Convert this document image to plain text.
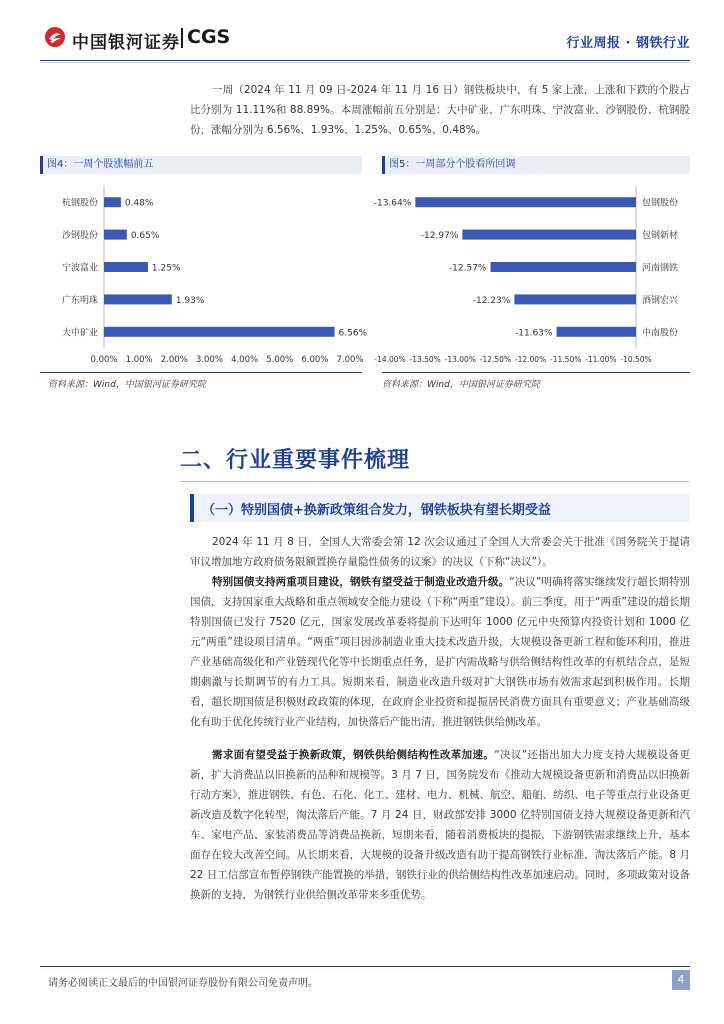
中国银河证券 CGS	行业周报 · 钢铁行业

一周（2024 年 11 月 09 日-2024 年 11 月 16 日）钢铁板块中，有 5 家上涨，上涨和下跌的个股占比分别为 11.11%和 88.89%。本周涨幅前五分别是：大中矿业、广东明珠、宁波富业、沙钢股份、杭钢股份，涨幅分别为 6.56%、1.93%、1.25%、0.65%、0.48%。

图4：一周个股涨幅前五
杭钢股份	0.48%
沙钢股份	0.65%
宁波富业	1.25%
广东明珠	1.93%
大中矿业	6.56%
0.00% 1.00% 2.00% 3.00% 4.00% 5.00% 6.00% 7.00%
资料来源：Wind，中国银河证券研究院
图5：一周部分个股看所回调
包钢股份
-13.64%
包钢新材
-12.97%
河南钢铁
-12.57%
酒钢宏兴
-12.23%
中南股份
-11.63%
-14.00% -13.50% -13.00% -12.50% -12.00% -11.50% -11.00% -10.50%
资料来源：Wind，中国银河证券研究院
二、行业重要事件梳理
（一）特别国债+换新政策组合发力，钢铁板块有望长期受益

2024 年 11 月 8 日，全国人大常委会第 12 次会议通过了全国人大常委会关于批准《国务院关于提请审议增加地方政府债务限额置换存量隐性债务的议案》的决议（下称“决议”）。

特别国债支持两重项目建设，钢铁有望受益于制造业改造升级。“决议”明确将落实继续发行超长期特别国债，支持国家重大战略和重点领域安全能力建设（下称“两重”建设）。前三季度，用于“两重”建设的超长期特别国债已发行 7520 亿元，国家发展改革委将提前下达明年 1000 亿元中央预算内投资计划和 1000 亿元“两重”建设项目清单。“两重”项目因涉制造业重大技术改造升级，大规模设备更新工程和能环利用，推进产业基础高级化和产业链现代化等中长期重点任务，是扩内需战略与供给侧结构性改革的有机结合点，是短期刺激与长期调节的有力工具。短期来看，制造业改造升级对扩大钢铁市场有效需求起到积极作用。长期看，超长期国债是积极财政政策的体现，在政府企业投资和提振居民消费方面具有重要意义；产业基础高级化有助于优化传统行业产业结构，加快落后产能出清，推进钢铁供给侧改革。

需求面有望受益于换新政策，钢铁供给侧结构性改革加速。“决议”还指出加大力度支持大规模设备更新，扩大消费品以旧换新的品种和规模等。3 月 7 日，国务院发布《推动大规模设备更新和消费品以旧换新行动方案》，推进钢铁、有色、石化、化工、建材、电力、机械、航空、船舶、纺织、电子等重点行业设备更新改造及数字化转型，淘汰落后产能。7 月 24 日，财政部安排 3000 亿特别国债支持大规模设备更新和汽车、家电产品、家装消费品等消费品换新，短期来看，随着消费板块的提振，下游钢铁需求继续上升，基本面存在较大改善空间。从长期来看，大规模的设备升级改造有助于提高钢铁行业标准，淘汰落后产能。8 月 22 日工信部宣布暂停钢铁产能置换的举措，钢铁行业的供给侧结构性改革加速启动。同时，多项政策对设备换新的支持，为钢铁行业供给侧改革带来多重优势。

请务必阅读正文最后的中国银河证券股份有限公司免责声明。	4
